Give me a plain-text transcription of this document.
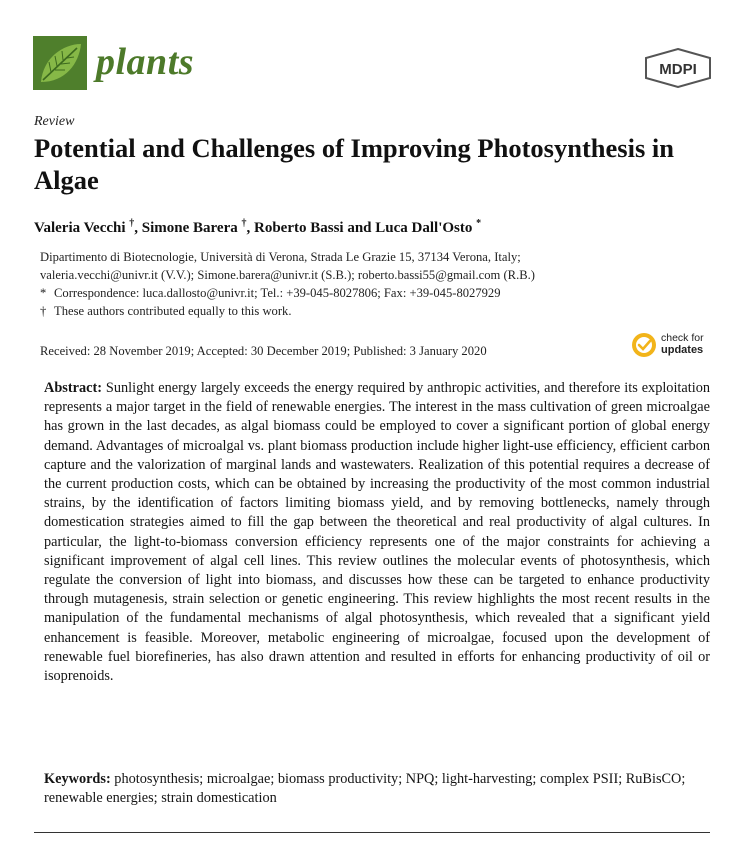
plants	MDPI
Review
Potential and Challenges of Improving Photosynthesis in Algae
Valeria Vecchi †, Simone Barera †, Roberto Bassi and Luca Dall'Osto *
Dipartimento di Biotecnologie, Università di Verona, Strada Le Grazie 15, 37134 Verona, Italy;
valeria.vecchi@univr.it (V.V.); Simone.barera@univr.it (S.B.); roberto.bassi55@gmail.com (R.B.)
* Correspondence: luca.dallosto@univr.it; Tel.: +39-045-8027806; Fax: +39-045-8027929
† These authors contributed equally to this work.
Received: 28 November 2019; Accepted: 30 December 2019; Published: 3 January 2020
check for
updates

Abstract: Sunlight energy largely exceeds the energy required by anthropic activities, and therefore its exploitation represents a major target in the field of renewable energies. The interest in the mass cultivation of green microalgae has grown in the last decades, as algal biomass could be employed to cover a significant portion of global energy demand. Advantages of microalgal vs. plant biomass production include higher light-use efficiency, efficient carbon capture and the valorization of marginal lands and wastewaters. Realization of this potential requires a decrease of the current production costs, which can be obtained by increasing the productivity of the most common industrial strains, by the identification of factors limiting biomass yield, and by removing bottlenecks, namely through domestication strategies aimed to fill the gap between the theoretical and real productivity of algal cultures. In particular, the light-to-biomass conversion efficiency represents one of the major constraints for achieving a significant improvement of algal cell lines. This review outlines the molecular events of photosynthesis, which regulate the conversion of light into biomass, and discusses how these can be targeted to enhance productivity through mutagenesis, strain selection or genetic engineering. This review highlights the most recent results in the manipulation of the fundamental mechanisms of algal photosynthesis, which revealed that a significant yield enhancement is feasible. Moreover, metabolic engineering of microalgae, focused upon the development of renewable fuel biorefineries, has also drawn attention and resulted in efforts for enhancing productivity of oil or isoprenoids.

Keywords: photosynthesis; microalgae; biomass productivity; NPQ; light-harvesting; complex PSII; RuBisCO; renewable energies; strain domestication
